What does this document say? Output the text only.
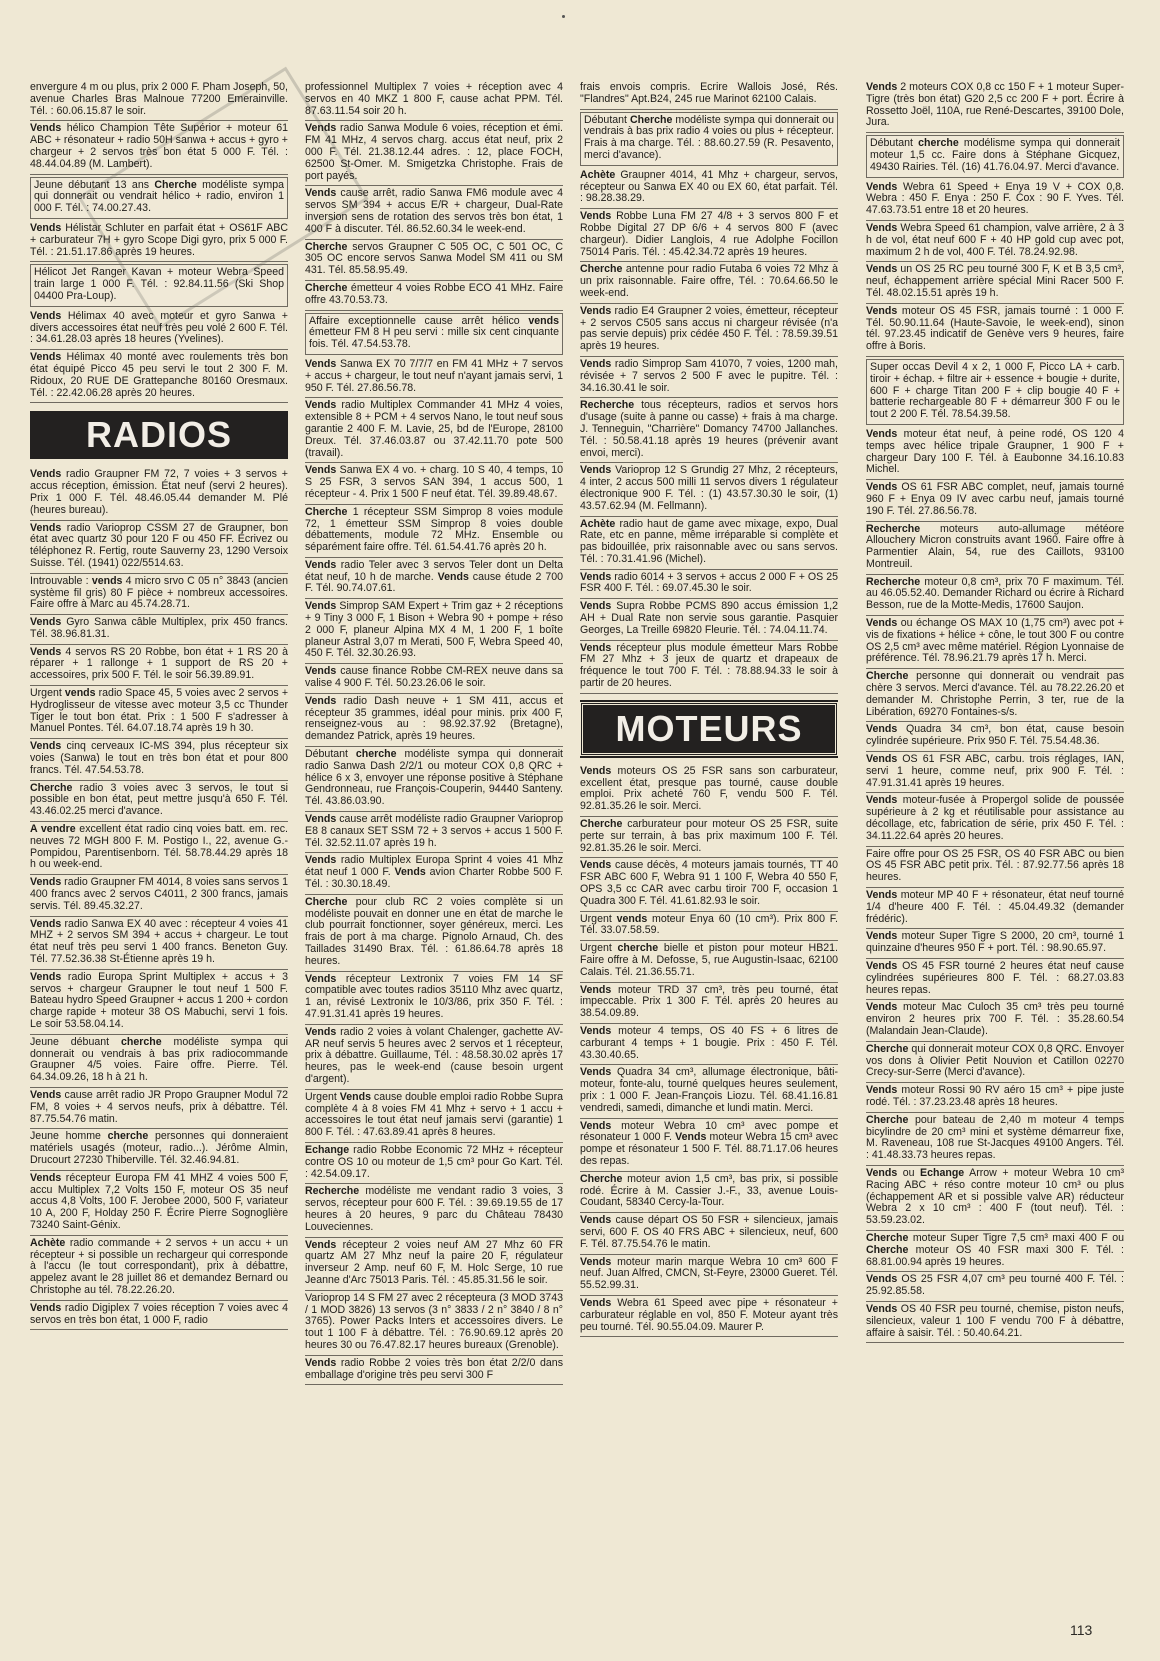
envergure 4 m ou plus, prix 2 000 F. Pham Joseph, 50, avenue Charles Bras Malnoue 77200 Emerainville. Tél. : 60.06.15.87 le soir.

Vends hélico Champion Tête Supérior + moteur 61 ABC + résonateur + radio 50H sanwa + accus + gyro + chargeur + 2 servos très bon état 5 000 F. Tél. : 48.44.04.89 (M. Lambert).

Jeune débutant 13 ans Cherche modéliste sympa qui donnerait ou vendrait hélico + radio, environ 1 000 F. Tél. : 74.00.27.43.

Vends Hélistar Schluter en parfait état + OS61F ABC + carburateur 7H + gyro Scope Digi gyro, prix 5 000 F. Tél. : 21.51.17.86 après 19 heures.

Hélicot Jet Ranger Kavan + moteur Webra Speed train large 1 000 F. Tél. : 92.84.11.56 (Ski Shop 04400 Pra-Loup).

Vends Hélimax 40 avec moteur et gyro Sanwa + divers accessoires état neuf très peu volé 2 600 F. Tél. : 34.61.28.03 après 18 heures (Yvelines).

Vends Hélimax 40 monté avec roulements très bon état équipé Picco 45 peu servi le tout 2 300 F. M. Ridoux, 20 RUE DE Grattepanche 80160 Oresmaux. Tél. : 22.42.06.28 après 20 heures.

RADIOS

Vends radio Graupner FM 72, 7 voies + 3 servos + accus réception, émission. État neuf (servi 2 heures). Prix 1 000 F. Tél. 48.46.05.44 demander M. Plé (heures bureau).

Vends radio Varioprop CSSM 27 de Graupner, bon état avec quartz 30 pour 120 F ou 450 FF. Écrivez ou téléphonez R. Fertig, route Sauverny 23, 1290 Versoix Suisse. Tél. (1941) 022/5514.63.

Introuvable : vends 4 micro srvo C 05 n° 3843 (ancien système fil gris) 80 F pièce + nombreux accessoires. Faire offre à Marc au 45.74.28.71.

Vends Gyro Sanwa câble Multiplex, prix 450 francs. Tél. 38.96.81.31.

Vends 4 servos RS 20 Robbe, bon état + 1 RS 20 à réparer + 1 rallonge + 1 support de RS 20 + accessoires, prix 500 F. Tél. le soir 56.39.89.91.

Urgent vends radio Space 45, 5 voies avec 2 servos + Hydroglisseur de vitesse avec moteur 3,5 cc Thunder Tiger le tout bon état. Prix : 1 500 F s'adresser à Manuel Pontes. Tél. 64.07.18.74 après 19 h 30.

Vends cinq cerveaux IC-MS 394, plus récepteur six voies (Sanwa) le tout en très bon état et pour 800 francs. Tél. 47.54.53.78.

Cherche radio 3 voies avec 3 servos, le tout si possible en bon état, peut mettre jusqu'à 650 F. Tél. 43.46.02.25 merci d'avance.

A vendre excellent état radio cinq voies batt. em. rec. neuves 72 MGH 800 F. M. Postigo I., 22, avenue G.-Pompidou, Parentisenborn. Tél. 58.78.44.29 après 18 h ou week-end.

Vends radio Graupner FM 4014, 8 voies sans servos 1 400 francs avec 2 servos C4011, 2 300 francs, jamais servis. Tél. 89.45.32.27.

Vends radio Sanwa EX 40 avec : récepteur 4 voies 41 MHZ + 2 servos SM 394 + accus + chargeur. Le tout état neuf très peu servi 1 400 francs. Beneton Guy. Tél. 77.52.36.38 St-Étienne après 19 h.

Vends radio Europa Sprint Multiplex + accus + 3 servos + chargeur Graupner le tout neuf 1 500 F. Bateau hydro Speed Graupner + accus 1 200 + cordon charge rapide + moteur 38 OS Mabuchi, servi 1 fois. Le soir 53.58.04.14.

Jeune débuant cherche modéliste sympa qui donnerait ou vendrais à bas prix radiocommande Graupner 4/5 voies. Faire offre. Pierre. Tél. 64.34.09.26, 18 h à 21 h.

Vends cause arrêt radio JR Propo Graupner Modul 72 FM, 8 voies + 4 servos neufs, prix à débattre. Tél. 87.75.54.76 matin.

Jeune homme cherche personnes qui donneraient matériels usagés (moteur, radio...). Jérôme Almin, Drucourt 27230 Thiberville. Tél. 32.46.94.81.

Vends récepteur Europa FM 41 MHZ 4 voies 500 F, accu Multiplex 7,2 Volts 150 F, moteur OS 35 neuf accus 4,8 Volts, 100 F. Jerobee 2000, 500 F, variateur 10 A, 200 F, Holday 250 F. Écrire Pierre Sognoglière 73240 Saint-Génix.

Achète radio commande + 2 servos + un accu + un récepteur + si possible un rechargeur qui corresponde à l'accu (le tout correspondant), prix à débattre, appelez avant le 28 juillet 86 et demandez Bernard ou Christophe au tél. 78.22.26.20.

Vends radio Digiplex 7 voies réception 7 voies avec 4 servos en très bon état, 1 000 F, radio

professionnel Multiplex 7 voies + réception avec 4 servos en 40 MKZ 1 800 F, cause achat PPM. Tél. 87.63.11.54 soir 20 h.

Vends radio Sanwa Module 6 voies, réception et émi. FM 41 MHz, 4 servos charg. accus état neuf, prix 2 000 F. Tél. 21.38.12.44 adres. : 12, place FOCH, 62500 St-Omer. M. Smigetzka Christophe. Frais de port payés.

Vends cause arrêt, radio Sanwa FM6 module avec 4 servos SM 394 + accus E/R + chargeur, Dual-Rate inversion sens de rotation des servos très bon état, 1 400 F à discuter. Tél. 86.52.60.34 le week-end.

Cherche servos Graupner C 505 OC, C 501 OC, C 305 OC encore servos Sanwa Model SM 411 ou SM 431. Tél. 85.58.95.49.

Cherche émetteur 4 voies Robbe ECO 41 MHz. Faire offre 43.70.53.73.

Affaire exceptionnelle cause arrêt hélico vends émetteur FM 8 H peu servi : mille six cent cinquante fois. Tél. 47.54.53.78.

Vends Sanwa EX 70 7/7/7 en FM 41 MHz + 7 servos + accus + chargeur, le tout neuf n'ayant jamais servi, 1 950 F. Tél. 27.86.56.78.

Vends radio Multiplex Commander 41 MHz 4 voies, extensible 8 + PCM + 4 servos Nano, le tout neuf sous garantie 2 400 F. M. Lavie, 25, bd de l'Europe, 28100 Dreux. Tél. 37.46.03.87 ou 37.42.11.70 pote 500 (travail).

Vends Sanwa EX 4 vo. + charg. 10 S 40, 4 temps, 10 S 25 FSR, 3 servos SAN 394, 1 accus 500, 1 récepteur - 4. Prix 1 500 F neuf état. Tél. 39.89.48.67.

Cherche 1 récepteur SSM Simprop 8 voies module 72, 1 émetteur SSM Simprop 8 voies double débattements, module 72 MHz. Ensemble ou séparément faire offre. Tél. 61.54.41.76 après 20 h.

Vends radio Teler avec 3 servos Teler dont un Delta état neuf, 10 h de marche. Vends cause étude 2 700 F. Tél. 90.74.07.61.

Vends Simprop SAM Expert + Trim gaz + 2 réceptions + 9 Tiny 3 000 F, 1 Bison + Webra 90 + pompe + réso 2 000 F, planeur Alpina MX 4 M, 1 200 F, 1 boîte planeur Astral 3,07 m Merati, 500 F, Webra Speed 40, 450 F. Tél. 32.30.26.93.

Vends cause finance Robbe CM-REX neuve dans sa valise 4 900 F. Tél. 50.23.26.06 le soir.

Vends radio Dash neuve + 1 SM 411, accus et récepteur 35 grammes, idéal pour minis. prix 400 F, renseignez-vous au : 98.92.37.92 (Bretagne), demandez Patrick, après 19 heures.

Débutant cherche modéliste sympa qui donnerait radio Sanwa Dash 2/2/1 ou moteur COX 0,8 QRC + hélice 6 x 3, envoyer une réponse positive à Stéphane Gendronneau, rue François-Couperin, 94440 Santeny. Tél. 43.86.03.90.

Vends cause arrêt modéliste radio Graupner Varioprop E8 8 canaux SET SSM 72 + 3 servos + accus 1 500 F. Tél. 32.52.11.07 après 19 h.

Vends radio Multiplex Europa Sprint 4 voies 41 Mhz état neuf 1 000 F. Vends avion Charter Robbe 500 F. Tél. : 30.30.18.49.

Cherche pour club RC 2 voies complète si un modéliste pouvait en donner une en état de marche le club pourrait fonctionner, soyer généreux, merci. Les frais de port à ma charge. Pignolo Arnaud, Ch. des Taillades 31490 Brax. Tél. : 61.86.64.78 après 18 heures.

Vends récepteur Lextronix 7 voies FM 14 SF compatible avec toutes radios 35110 Mhz avec quartz, 1 an, révisé Lextronix le 10/3/86, prix 350 F. Tél. : 47.91.31.41 après 19 heures.

Vends radio 2 voies à volant Chalenger, gachette AV-AR neuf servis 5 heures avec 2 servos et 1 récepteur, prix à débattre. Guillaume, Tél. : 48.58.30.02 après 17 heures, pas le week-end (cause besoin urgent d'argent).

Urgent Vends cause double emploi radio Robbe Supra complète 4 à 8 voies FM 41 Mhz + servo + 1 accu + accessoires le tout état neuf jamais servi (garantie) 1 800 F. Tél. : 47.63.89.41 après 8 heures.

Echange radio Robbe Economic 72 MHz + récepteur contre OS 10 ou moteur de 1,5 cm³ pour Go Kart. Tél. : 42.54.09.17.

Recherche modéliste me vendant radio 3 voies, 3 servos, récepteur pour 600 F. Tél. : 39.69.19.55 de 17 heures à 20 heures, 9 parc du Château 78430 Louveciennes.

Vends récepteur 2 voies neuf AM 27 Mhz 60 FR quartz AM 27 Mhz neuf la paire 20 F, régulateur inverseur 2 Amp. neuf 60 F, M. Holc Serge, 10 rue Jeanne d'Arc 75013 Paris. Tél. : 45.85.31.56 le soir.

Varioprop 14 S FM 27 avec 2 récepteura (3 MOD 3743 / 1 MOD 3826) 13 servos (3 n° 3833 / 2 n° 3840 / 8 n° 3765). Power Packs Inters et accessoires divers. Le tout 1 100 F à débattre. Tél. : 76.90.69.12 après 20 heures 30 ou 76.47.82.17 heures bureaux (Grenoble).

Vends radio Robbe 2 voies très bon état 2/2/0 dans emballage d'origine très peu servi 300 F

frais envois compris. Ecrire Wallois José, Rés. "Flandres" Apt.B24, 245 rue Marinot 62100 Calais.

Débutant Cherche modéliste sympa qui donnerait ou vendrais à bas prix radio 4 voies ou plus + récepteur. Frais à ma charge. Tél. : 88.60.27.59 (R. Pesavento, merci d'avance).

Achète Graupner 4014, 41 Mhz + chargeur, servos, récepteur ou Sanwa EX 40 ou EX 60, état parfait. Tél. : 98.28.38.29.

Vends Robbe Luna FM 27 4/8 + 3 servos 800 F et Robbe Digital 27 DP 6/6 + 4 servos 800 F (avec chargeur). Didier Langlois, 4 rue Adolphe Focillon 75014 Paris. Tél. : 45.42.34.72 après 19 heures.

Cherche antenne pour radio Futaba 6 voies 72 Mhz à un prix raisonnable. Faire offre, Tél. : 70.64.66.50 le week-end.

Vends radio E4 Graupner 2 voies, émetteur, récepteur + 2 servos C505 sans accus ni chargeur révisée (n'a pas servie depuis) prix cédée 450 F. Tél. : 78.59.39.51 après 19 heures.

Vends radio Simprop Sam 41070, 7 voies, 1200 mah, révisée + 7 servos 2 500 F avec le pupitre. Tél. : 34.16.30.41 le soir.

Recherche tous récepteurs, radios et servos hors d'usage (suite à panne ou casse) + frais à ma charge. J. Tenneguin, "Charrière" Domancy 74700 Jallanches. Tél. : 50.58.41.18 après 19 heures (prévenir avant envoi, merci).

Vends Varioprop 12 S Grundig 27 Mhz, 2 récepteurs, 4 inter, 2 accus 500 milli 11 servos divers 1 régulateur électronique 900 F. Tél. : (1) 43.57.30.30 le soir, (1) 43.57.62.94 (M. Fellmann).

Achète radio haut de game avec mixage, expo, Dual Rate, etc en panne, même irréparable si complète et pas bidouillée, prix raisonnable avec ou sans servos. Tél. : 70.31.41.96 (Michel).

Vends radio 6014 + 3 servos + accus 2 000 F + OS 25 FSR 400 F. Tél. : 69.07.45.30 le soir.

Vends Supra Robbe PCMS 890 accus émission 1,2 AH + Dual Rate non servie sous garantie. Pasquier Georges, La Treille 69820 Fleurie. Tél. : 74.04.11.74.

Vends récepteur plus module émetteur Mars Robbe FM 27 Mhz + 3 jeux de quartz et drapeaux de fréquence le tout 700 F. Tél. : 78.88.94.33 le soir à partir de 20 heures.

MOTEURS

Vends moteurs OS 25 FSR sans son carburateur, excellent état, presque pas tourné, cause double emploi. Prix acheté 760 F, vendu 500 F. Tél. 92.81.35.26 le soir. Merci.

Cherche carburateur pour moteur OS 25 FSR, suite perte sur terrain, à bas prix maximum 100 F. Tél. 92.81.35.26 le soir. Merci.

Vends cause décès, 4 moteurs jamais tournés, TT 40 FSR ABC 600 F, Webra 91 1 100 F, Webra 40 550 F, OPS 3,5 cc CAR avec carbu tiroir 700 F, occasion 1 Quadra 300 F. Tél. 41.61.82.93 le soir.

Urgent vends moteur Enya 60 (10 cm³). Prix 800 F. Tél. 33.07.58.59.

Urgent cherche bielle et piston pour moteur HB21. Faire offre à M. Defosse, 5, rue Augustin-Isaac, 62100 Calais. Tél. 21.36.55.71.

Vends moteur TRD 37 cm³, très peu tourné, état impeccable. Prix 1 300 F. Tél. après 20 heures au 38.54.09.89.

Vends moteur 4 temps, OS 40 FS + 6 litres de carburant 4 temps + 1 bougie. Prix : 450 F. Tél. 43.30.40.65.

Vends Quadra 34 cm³, allumage électronique, bâti-moteur, fonte-alu, tourné quelques heures seulement, prix : 1 000 F. Jean-François Liozu. Tél. 68.41.16.81 vendredi, samedi, dimanche et lundi matin. Merci.

Vends moteur Webra 10 cm³ avec pompe et résonateur 1 000 F. Vends moteur Webra 15 cm³ avec pompe et résonateur 1 500 F. Tél. 88.71.17.06 heures des repas.

Cherche moteur avion 1,5 cm³, bas prix, si possible rodé. Écrire à M. Cassier J.-F., 33, avenue Louis-Coudant, 58340 Cercy-la-Tour.

Vends cause départ OS 50 FSR + silencieux, jamais servi, 600 F. OS 40 FRS ABC + silencieux, neuf, 600 F. Tél. 87.75.54.76 le matin.

Vends moteur marin marque Webra 10 cm³ 600 F neuf. Juan Alfred, CMCN, St-Feyre, 23000 Gueret. Tél. 55.52.99.31.

Vends Webra 61 Speed avec pipe + résonateur + carburateur réglable en vol, 850 F. Moteur ayant très peu tourné. Tél. 90.55.04.09. Maurer P.

Vends 2 moteurs COX 0,8 cc 150 F + 1 moteur Super-Tigre (très bon état) G20 2,5 cc 200 F + port. Écrire à Rossetto Joël, 110A, rue René-Descartes, 39100 Dole, Jura.

Débutant cherche modélisme sympa qui donnerait moteur 1,5 cc. Faire dons à Stéphane Gicquez, 49430 Rairies. Tél. (16) 41.76.04.97. Merci d'avance.

Vends Webra 61 Speed + Enya 19 V + COX 0,8. Webra : 450 F. Enya : 250 F. Cox : 90 F. Yves. Tél. 47.63.73.51 entre 18 et 20 heures.

Vends Webra Speed 61 champion, valve arrière, 2 à 3 h de vol, état neuf 600 F + 40 HP gold cup avec pot, maximum 2 h de vol, 400 F. Tél. 78.24.92.98.

Vends un OS 25 RC peu tourné 300 F, K et B 3,5 cm³, neuf, échappement arrière spécial Mini Racer 500 F. Tél. 48.02.15.51 après 19 h.

Vends moteur OS 45 FSR, jamais tourné : 1 000 F. Tél. 50.90.11.64 (Haute-Savoie, le week-end), sinon tél. 97.23.45 indicatif de Genève vers 9 heures, faire offre à Boris.

Super occas Devil 4 x 2, 1 000 F, Picco LA + carb. tiroir + échap. + filtre air + essence + bougie + durite, 600 F + charge Titan 200 F + clip bougie 40 F + batterie rechargeable 80 F + démarreur 300 F ou le tout 2 200 F. Tél. 78.54.39.58.

Vends moteur état neuf, à peine rodé, OS 120 4 temps avec hélice tripale Graupner, 1 900 F + chargeur Dary 100 F. Tél. à Eaubonne 34.16.10.83 Michel.

Vends OS 61 FSR ABC complet, neuf, jamais tourné 960 F + Enya 09 IV avec carbu neuf, jamais tourné 190 F. Tél. 27.86.56.78.

Recherche moteurs auto-allumage météore Allouchery Micron construits avant 1960. Faire offre à Parmentier Alain, 54, rue des Caillots, 93100 Montreuil.

Recherche moteur 0,8 cm³, prix 70 F maximum. Tél. au 46.05.52.40. Demander Richard ou écrire à Richard Besson, rue de la Motte-Medis, 17600 Saujon.

Vends ou échange OS MAX 10 (1,75 cm³) avec pot + vis de fixations + hélice + cône, le tout 300 F ou contre OS 2,5 cm³ avec même matériel. Région Lyonnaise de préférence. Tél. 78.96.21.79 après 17 h. Merci.

Cherche personne qui donnerait ou vendrait pas chère 3 servos. Merci d'avance. Tél. au 78.22.26.20 et demander M. Christophe Perrin, 3 ter, rue de la Libération, 69270 Fontaines-s/s.

Vends Quadra 34 cm³, bon état, cause besoin cylindrée supérieure. Prix 950 F. Tél. 75.54.48.36.

Vends OS 61 FSR ABC, carbu. trois réglages, IAN, servi 1 heure, comme neuf, prix 900 F. Tél. : 47.91.31.41 après 19 heures.

Vends moteur-fusée à Propergol solide de poussée supérieure à 2 kg et réutilisable pour assistance au décollage, etc, fabrication de série, prix 450 F. Tél. : 34.11.22.64 après 20 heures.

Faire offre pour OS 25 FSR, OS 40 FSR ABC ou bien OS 45 FSR ABC petit prix. Tél. : 87.92.77.56 après 18 heures.

Vends moteur MP 40 F + résonateur, état neuf tourné 1/4 d'heure 400 F. Tél. : 45.04.49.32 (demander frédéric).

Vends moteur Super Tigre S 2000, 20 cm³, tourné 1 quinzaine d'heures 950 F + port. Tél. : 98.90.65.97.

Vends OS 45 FSR tourné 2 heures état neuf cause cylindrées supérieures 800 F. Tél. : 68.27.03.83 heures repas.

Vends moteur Mac Culoch 35 cm³ très peu tourné environ 2 heures prix 700 F. Tél. : 35.28.60.54 (Malandain Jean-Claude).

Cherche qui donnerait moteur COX 0,8 QRC. Envoyer vos dons à Olivier Petit Nouvion et Catillon 02270 Crecy-sur-Serre (Merci d'avance).

Vends moteur Rossi 90 RV aéro 15 cm³ + pipe juste rodé. Tél. : 37.23.23.48 après 18 heures.

Cherche pour bateau de 2,40 m moteur 4 temps bicylindre de 20 cm³ mini et système démarreur fixe, M. Raveneau, 108 rue St-Jacques 49100 Angers. Tél. : 41.48.33.73 heures repas.

Vends ou Echange Arrow + moteur Webra 10 cm³ Racing ABC + réso contre moteur 10 cm³ ou plus (échappement AR et si possible valve AR) réducteur Webra 2 x 10 cm³ : 400 F (tout neuf). Tél. : 53.59.23.02.

Cherche moteur Super Tigre 7,5 cm³ maxi 400 F ou Cherche moteur OS 40 FSR maxi 300 F. Tél. : 68.81.00.94 après 19 heures.

Vends OS 25 FSR 4,07 cm³ peu tourné 400 F. Tél. : 25.92.85.58.

Vends OS 40 FSR peu tourné, chemise, piston neufs, silencieux, valeur 1 100 F vendu 700 F à débattre, affaire à saisir. Tél. : 50.40.64.21.

113
